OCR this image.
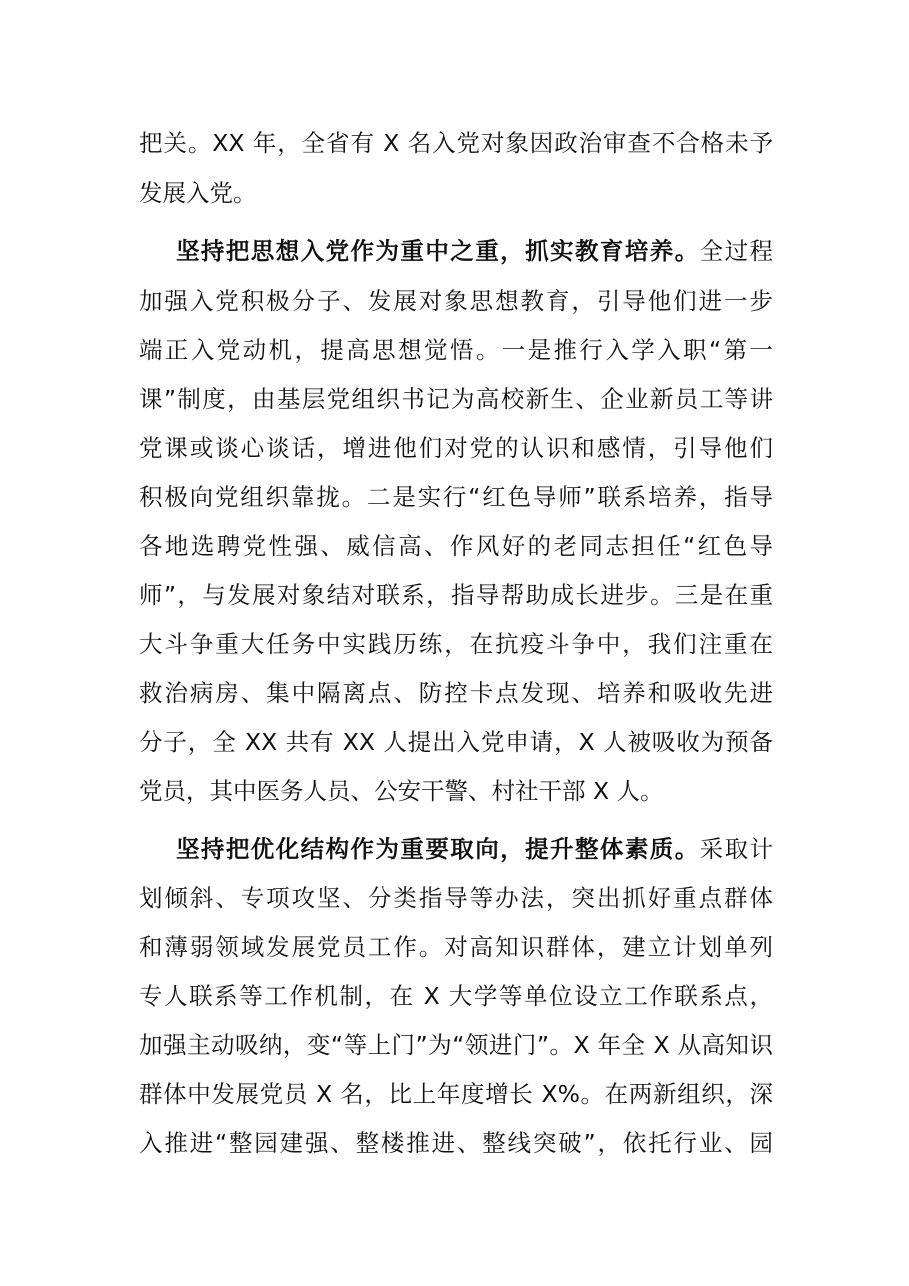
把关。XX 年，全省有 X 名入党对象因政治审查不合格未予
发展入党。
坚持把思想入党作为重中之重，抓实教育培养。全过程
加强入党积极分子、发展对象思想教育，引导他们进一步
端正入党动机，提高思想觉悟。一是推行入学入职“第一
课”制度，由基层党组织书记为高校新生、企业新员工等讲
党课或谈心谈话，增进他们对党的认识和感情，引导他们
积极向党组织靠拢。二是实行“红色导师”联系培养，指导
各地选聘党性强、威信高、作风好的老同志担任“红色导
师”，与发展对象结对联系，指导帮助成长进步。三是在重
大斗争重大任务中实践历练，在抗疫斗争中，我们注重在
救治病房、集中隔离点、防控卡点发现、培养和吸收先进
分子，全 XX 共有 XX 人提出入党申请，X 人被吸收为预备
党员，其中医务人员、公安干警、村社干部 X 人。
坚持把优化结构作为重要取向，提升整体素质。采取计
划倾斜、专项攻坚、分类指导等办法，突出抓好重点群体
和薄弱领域发展党员工作。对高知识群体，建立计划单列
专人联系等工作机制，在 X 大学等单位设立工作联系点，
加强主动吸纳，变“等上门”为“领进门”。X 年全 X 从高知识
群体中发展党员 X 名，比上年度增长 X%。在两新组织，深
入推进“整园建强、整楼推进、整线突破”，依托行业、园
